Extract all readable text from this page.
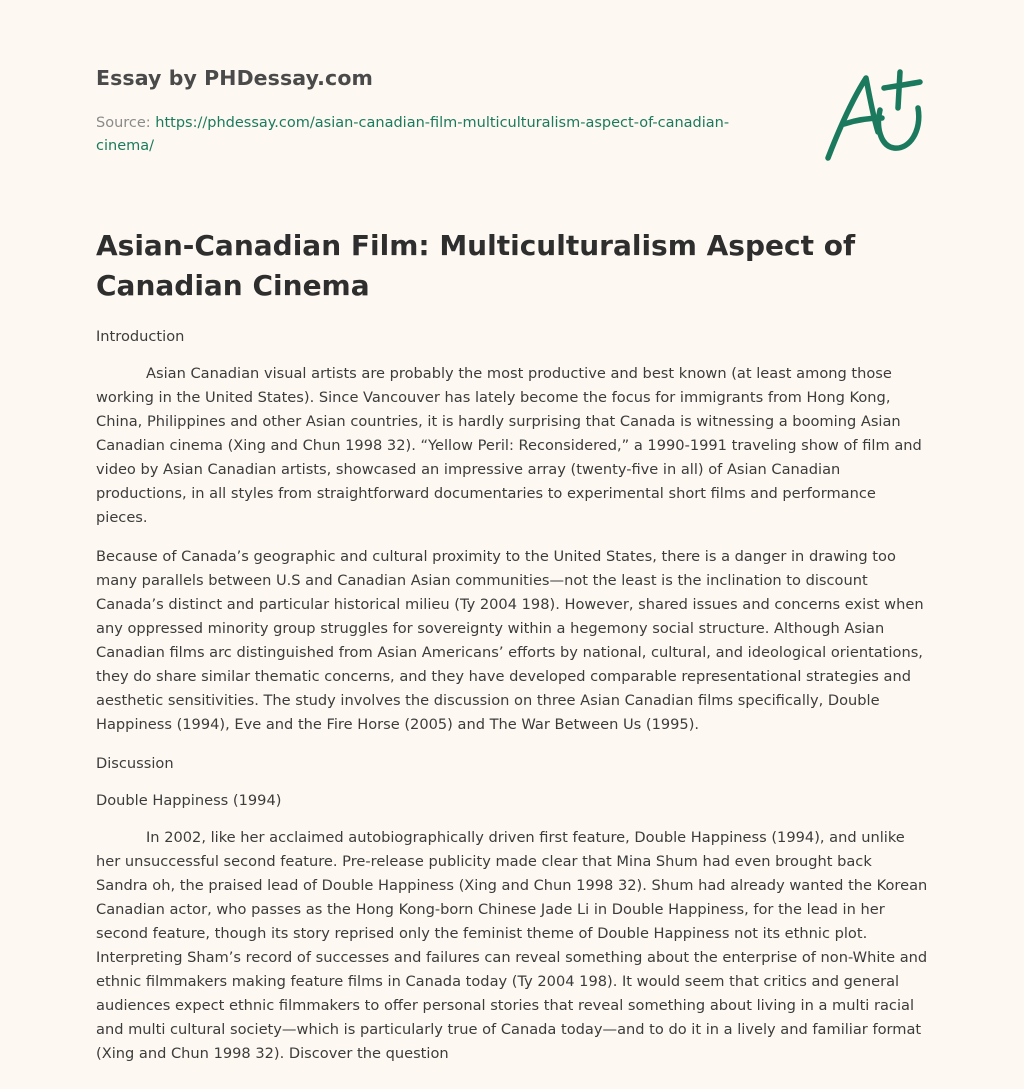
Essay by PHDessay.com
Source: https://phdessay.com/asian-canadian-film-multiculturalism-aspect-of-canadian-cinema/
Asian-Canadian Film: Multiculturalism Aspect of Canadian Cinema

Introduction

Asian Canadian visual artists are probably the most productive and best known (at least among those working in the United States). Since Vancouver has lately become the focus for immigrants from Hong Kong, China, Philippines and other Asian countries, it is hardly surprising that Canada is witnessing a booming Asian Canadian cinema (Xing and Chun 1998 32). “Yellow Peril: Reconsidered,” a 1990-1991 traveling show of film and video by Asian Canadian artists, showcased an impressive array (twenty-five in all) of Asian Canadian productions, in all styles from straightforward documentaries to experimental short films and performance pieces.

Because of Canada’s geographic and cultural proximity to the United States, there is a danger in drawing too many parallels between U.S and Canadian Asian communities—not the least is the inclination to discount Canada’s distinct and particular historical milieu (Ty 2004 198). However, shared issues and concerns exist when any oppressed minority group struggles for sovereignty within a hegemony social structure. Although Asian Canadian films arc distinguished from Asian Americans’ efforts by national, cultural, and ideological orientations, they do share similar thematic concerns, and they have developed comparable representational strategies and aesthetic sensitivities. The study involves the discussion on three Asian Canadian films specifically, Double Happiness (1994), Eve and the Fire Horse (2005) and The War Between Us (1995).

Discussion

Double Happiness (1994)

In 2002, like her acclaimed autobiographically driven first feature, Double Happiness (1994), and unlike her unsuccessful second feature. Pre-release publicity made clear that Mina Shum had even brought back Sandra oh, the praised lead of Double Happiness (Xing and Chun 1998 32). Shum had already wanted the Korean Canadian actor, who passes as the Hong Kong-born Chinese Jade Li in Double Happiness, for the lead in her second feature, though its story reprised only the feminist theme of Double Happiness not its ethnic plot. Interpreting Sham’s record of successes and failures can reveal something about the enterprise of non-White and ethnic filmmakers making feature films in Canada today (Ty 2004 198). It would seem that critics and general audiences expect ethnic filmmakers to offer personal stories that reveal something about living in a multi racial and multi cultural society—which is particularly true of Canada today—and to do it in a lively and familiar format (Xing and Chun 1998 32). Discover the question
